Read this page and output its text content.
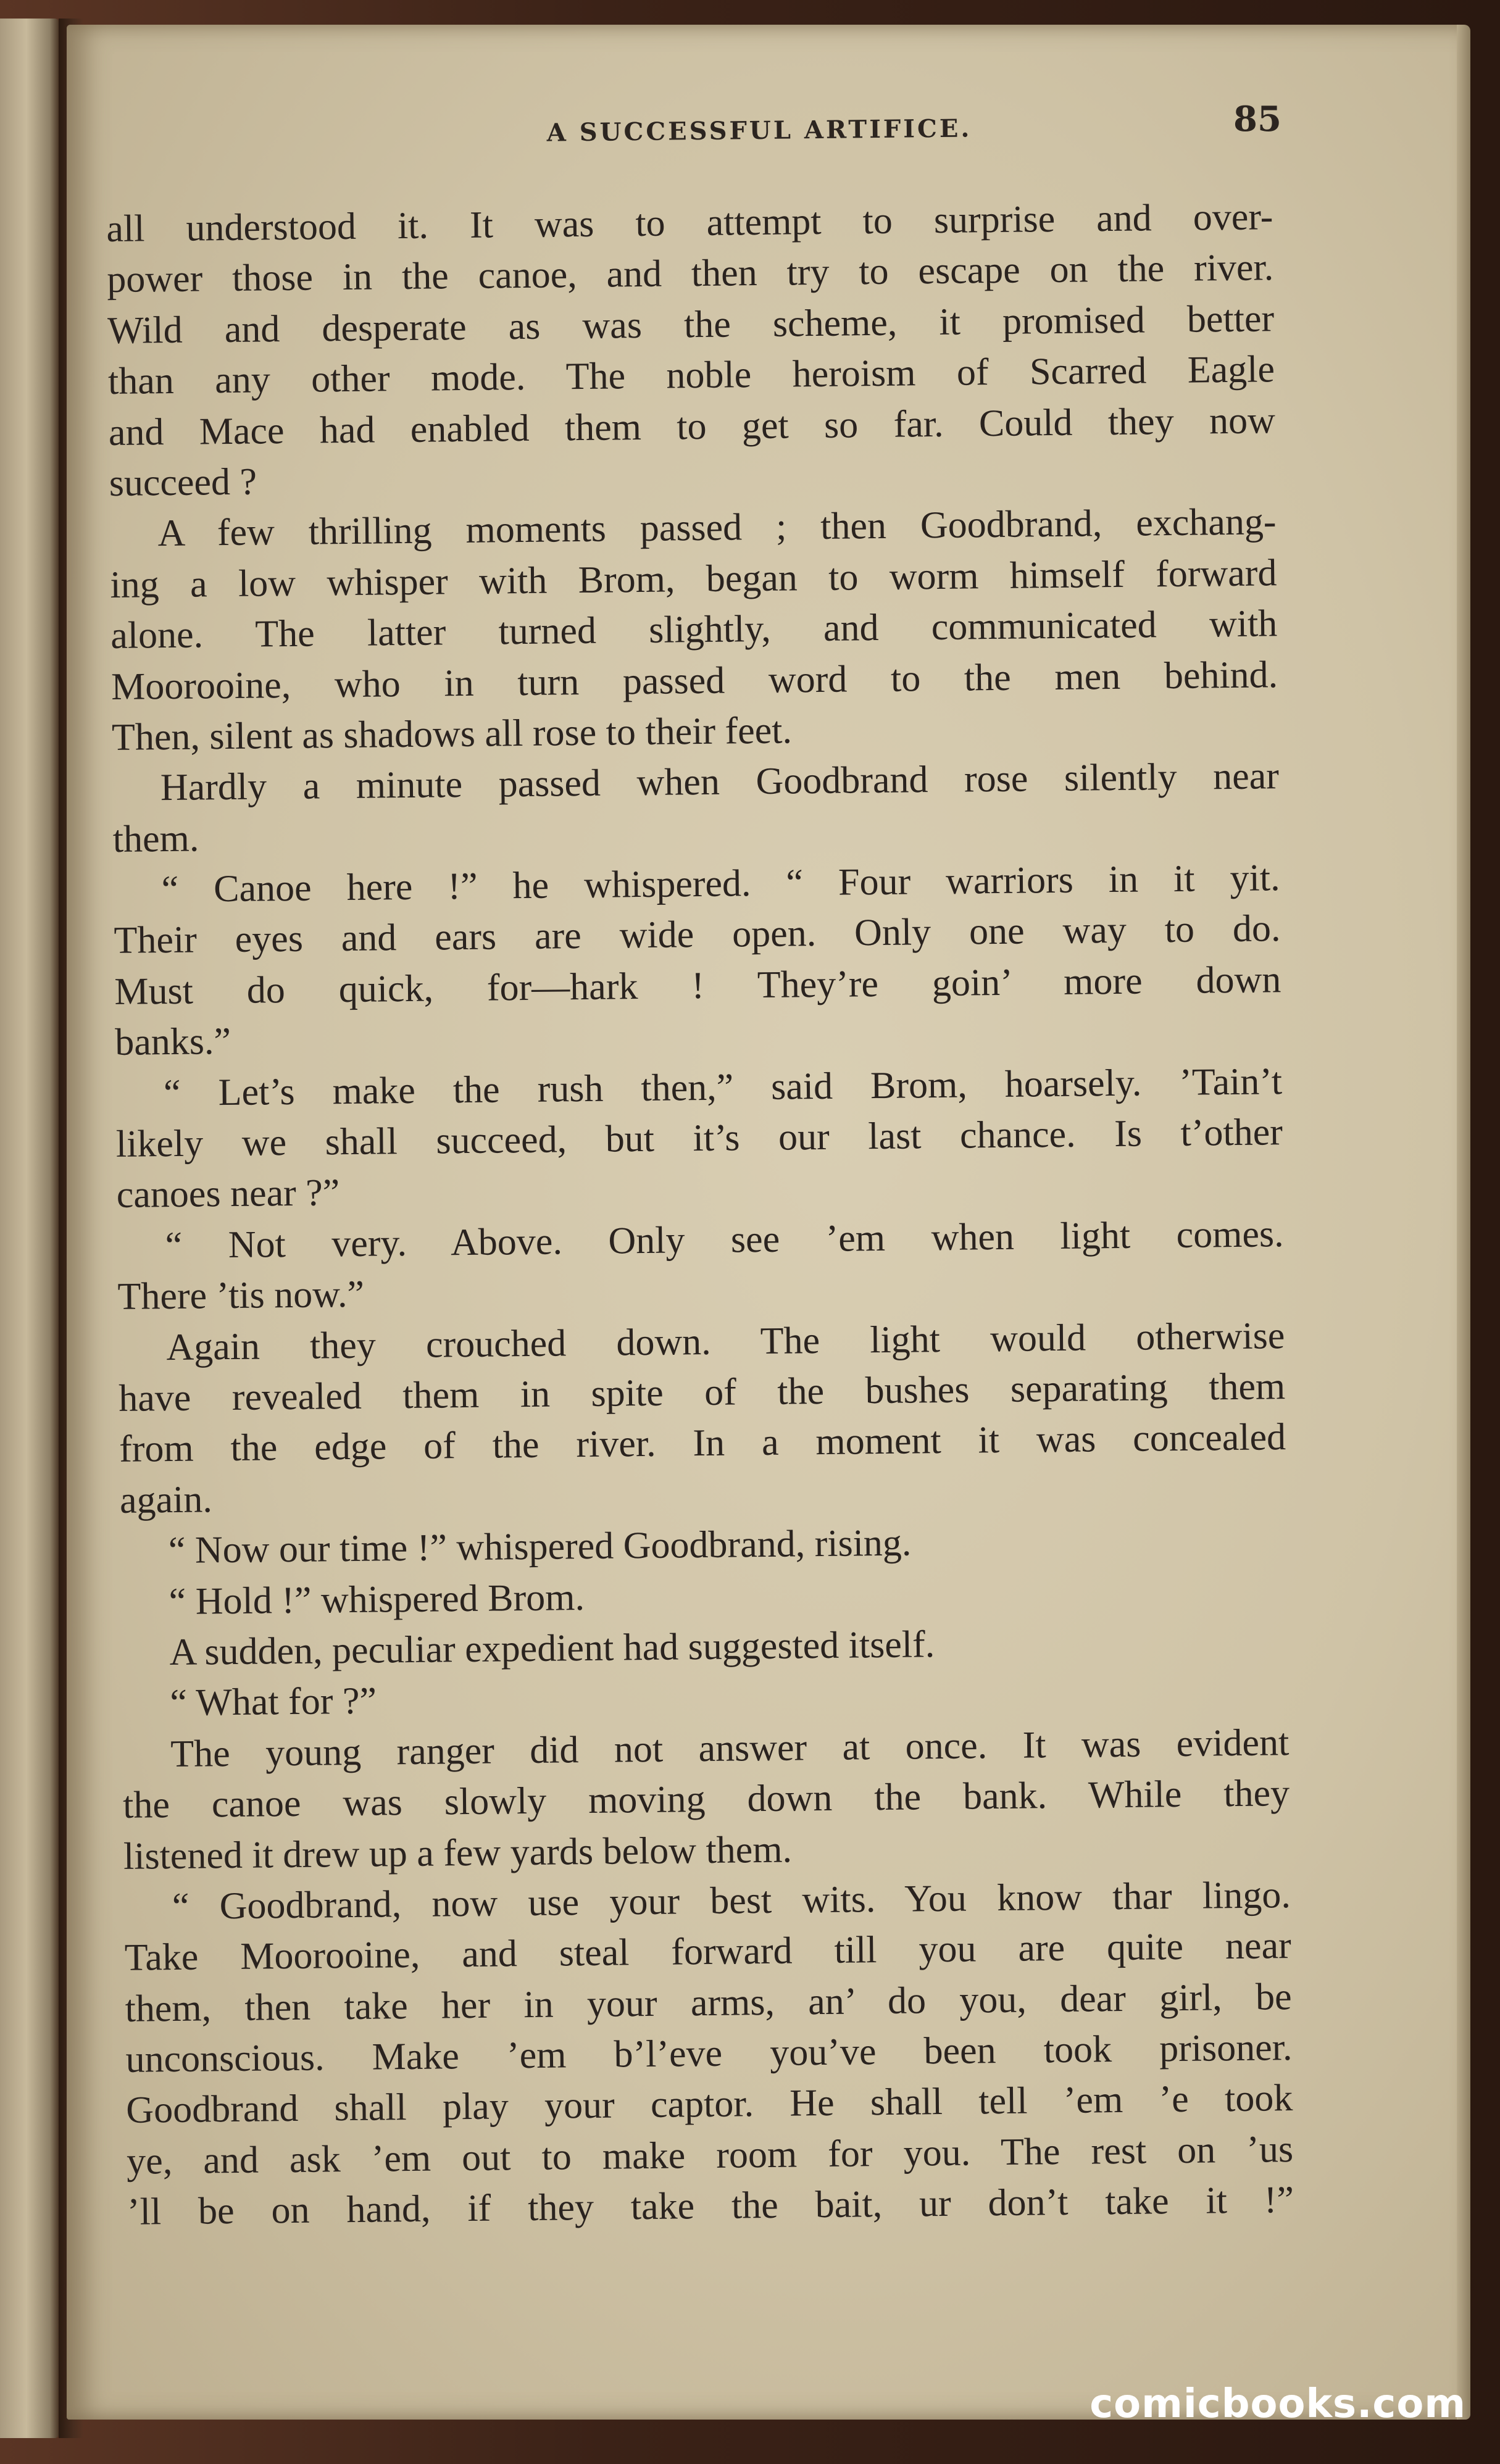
A SUCCESSFUL ARTIFICE.	85
all understood it. It was to attempt to surprise and over-
power those in the canoe, and then try to escape on the river.
Wild and desperate as was the scheme, it promised better
than any other mode. The noble heroism of Scarred Eagle
and Mace had enabled them to get so far. Could they now
succeed ?
A few thrilling moments passed ; then Goodbrand, exchang-
ing a low whisper with Brom, began to worm himself forward
alone. The latter turned slightly, and communicated with
Moorooine, who in turn passed word to the men behind.
Then, silent as shadows all rose to their feet.
Hardly a minute passed when Goodbrand rose silently near
them.
“ Canoe here !” he whispered. “ Four warriors in it yit.
Their eyes and ears are wide open. Only one way to do.
Must do quick, for—hark ! They’re goin’ more down
banks.”
“ Let’s make the rush then,” said Brom, hoarsely. ’Tain’t
likely we shall succeed, but it’s our last chance. Is t’other
canoes near ?”
“ Not very. Above. Only see ’em when light comes.
There ’tis now.”
Again they crouched down. The light would otherwise
have revealed them in spite of the bushes separating them
from the edge of the river. In a moment it was concealed
again.
“ Now our time !” whispered Goodbrand, rising.
“ Hold !” whispered Brom.
A sudden, peculiar expedient had suggested itself.
“ What for ?”
The young ranger did not answer at once. It was evident
the canoe was slowly moving down the bank. While they
listened it drew up a few yards below them.
“ Goodbrand, now use your best wits. You know thar lingo.
Take Moorooine, and steal forward till you are quite near
them, then take her in your arms, an’ do you, dear girl, be
unconscious. Make ’em b’l’eve you’ve been took prisoner.
Goodbrand shall play your captor. He shall tell ’em ’e took
ye, and ask ’em out to make room for you. The rest on ’us
’ll be on hand, if they take the bait, ur don’t take it !”
comicbooks.com
